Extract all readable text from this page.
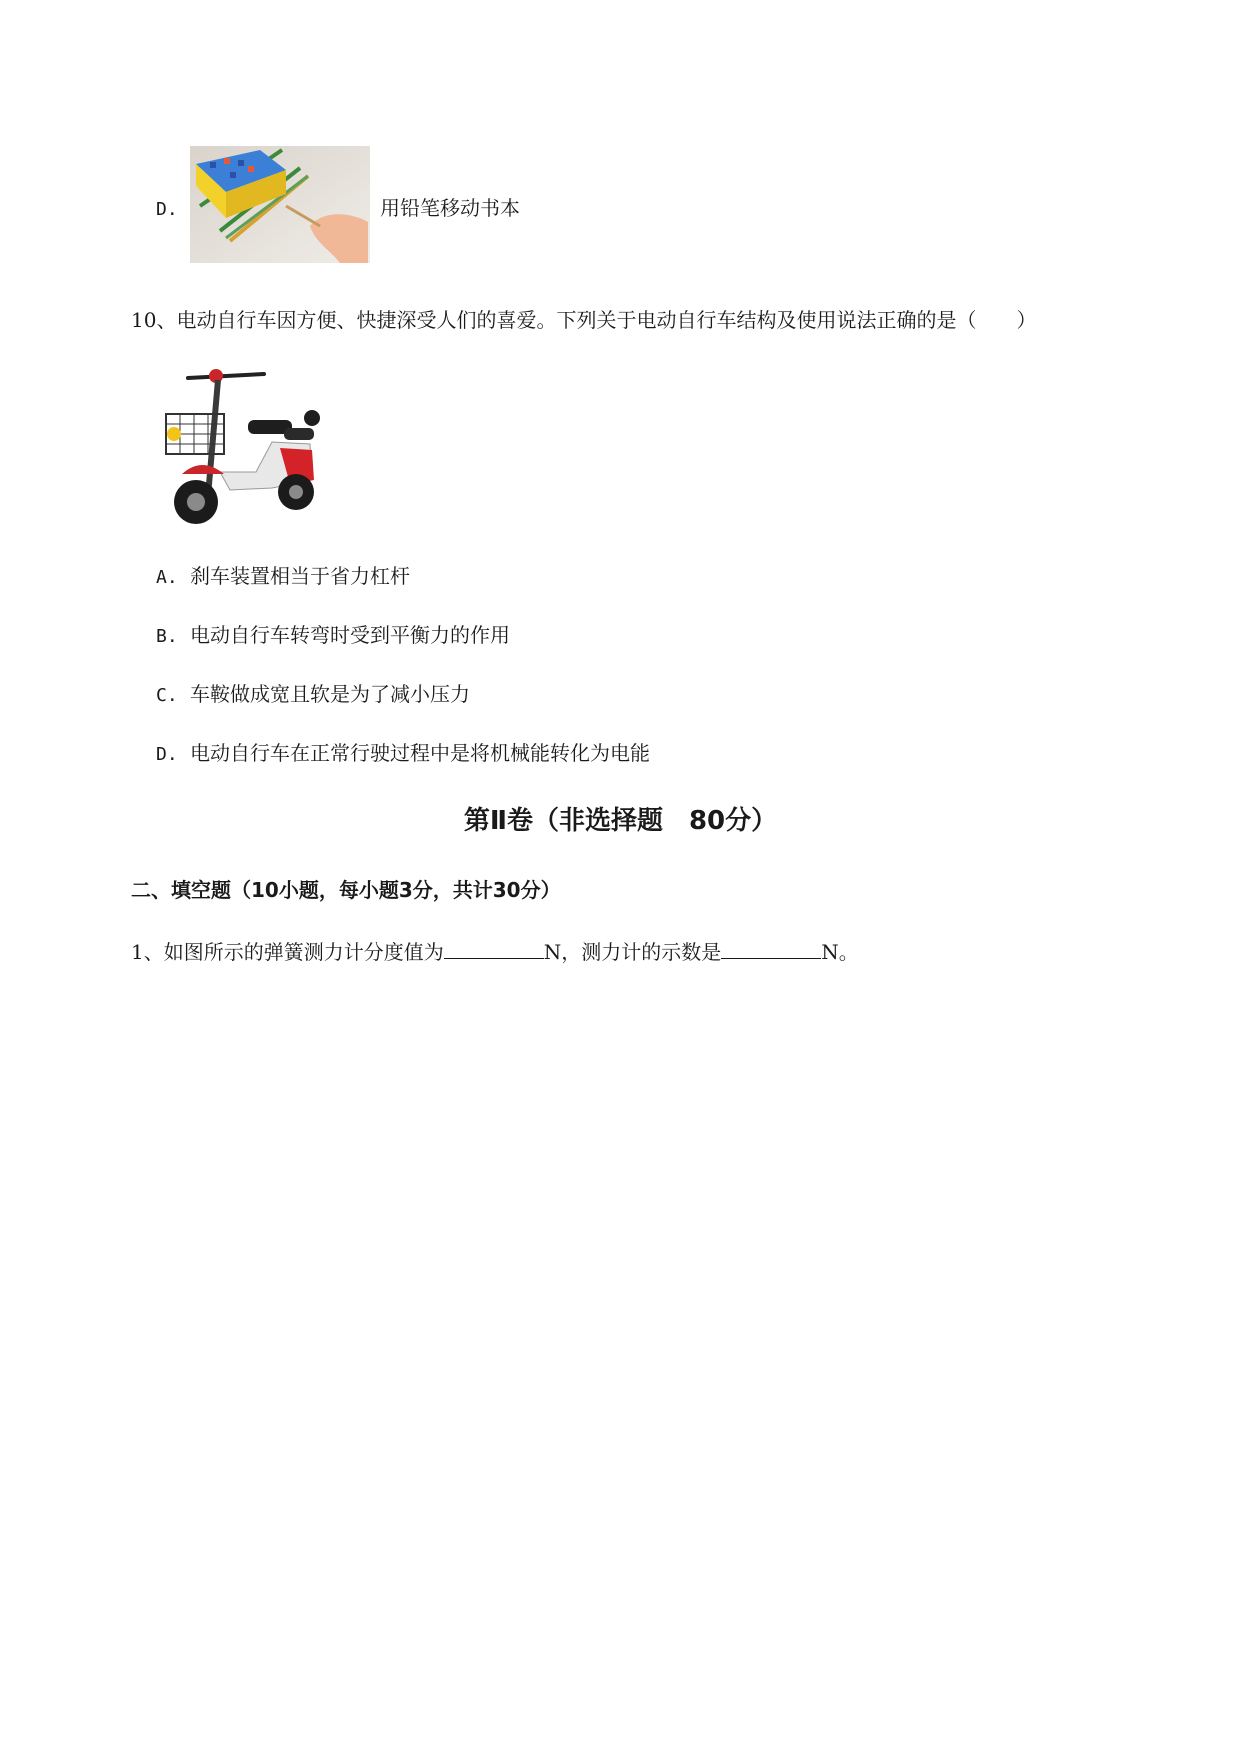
D.	用铅笔移动书本
10、电动自行车因方便、快捷深受人们的喜爱。下列关于电动自行车结构及使用说法正确的是（　　）
A. 刹车装置相当于省力杠杆
B. 电动自行车转弯时受到平衡力的作用
C. 车鞍做成宽且软是为了减小压力
D. 电动自行车在正常行驶过程中是将机械能转化为电能
第Ⅱ卷（非选择题　80分）
二、填空题（10小题，每小题3分，共计30分）
1、如图所示的弹簧测力计分度值为	N，测力计的示数是	N。
